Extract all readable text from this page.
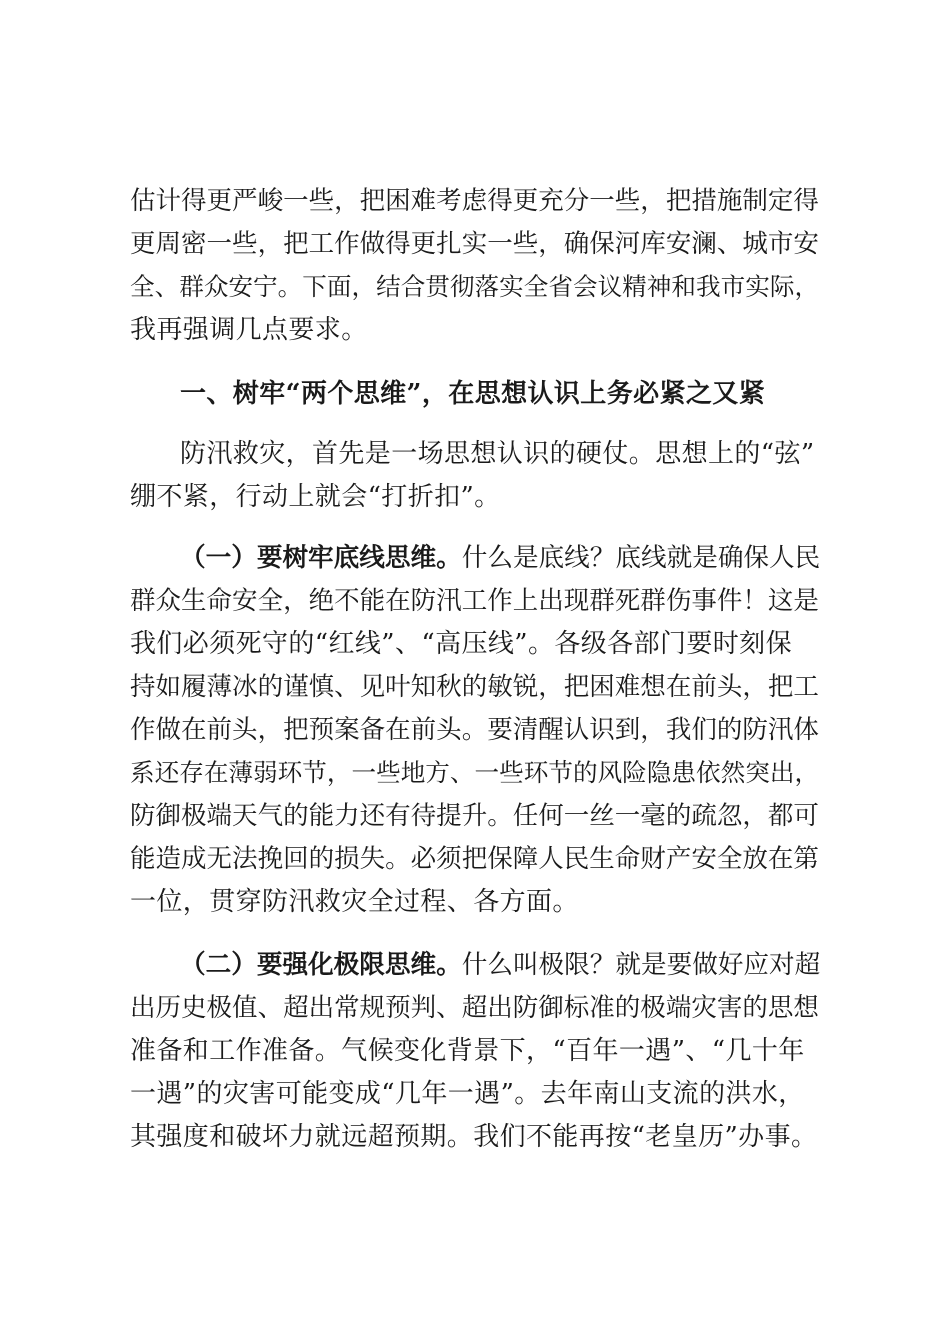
估计得更严峻一些，把困难考虑得更充分一些，把措施制定得
更周密一些，把工作做得更扎实一些，确保河库安澜、城市安
全、群众安宁。下面，结合贯彻落实全省会议精神和我市实际，
我再强调几点要求。
一、树牢“两个思维”，在思想认识上务必紧之又紧
防汛救灾，首先是一场思想认识的硬仗。思想上的“弦”
绷不紧，行动上就会“打折扣”。
（一）要树牢底线思维。什么是底线？底线就是确保人民
群众生命安全，绝不能在防汛工作上出现群死群伤事件！这是
我们必须死守的“红线”、“高压线”。各级各部门要时刻保
持如履薄冰的谨慎、见叶知秋的敏锐，把困难想在前头，把工
作做在前头，把预案备在前头。要清醒认识到，我们的防汛体
系还存在薄弱环节，一些地方、一些环节的风险隐患依然突出，
防御极端天气的能力还有待提升。任何一丝一毫的疏忽，都可
能造成无法挽回的损失。必须把保障人民生命财产安全放在第
一位，贯穿防汛救灾全过程、各方面。
（二）要强化极限思维。什么叫极限？就是要做好应对超
出历史极值、超出常规预判、超出防御标准的极端灾害的思想
准备和工作准备。气候变化背景下，“百年一遇”、“几十年
一遇”的灾害可能变成“几年一遇”。去年南山支流的洪水，
其强度和破坏力就远超预期。我们不能再按“老皇历”办事。
